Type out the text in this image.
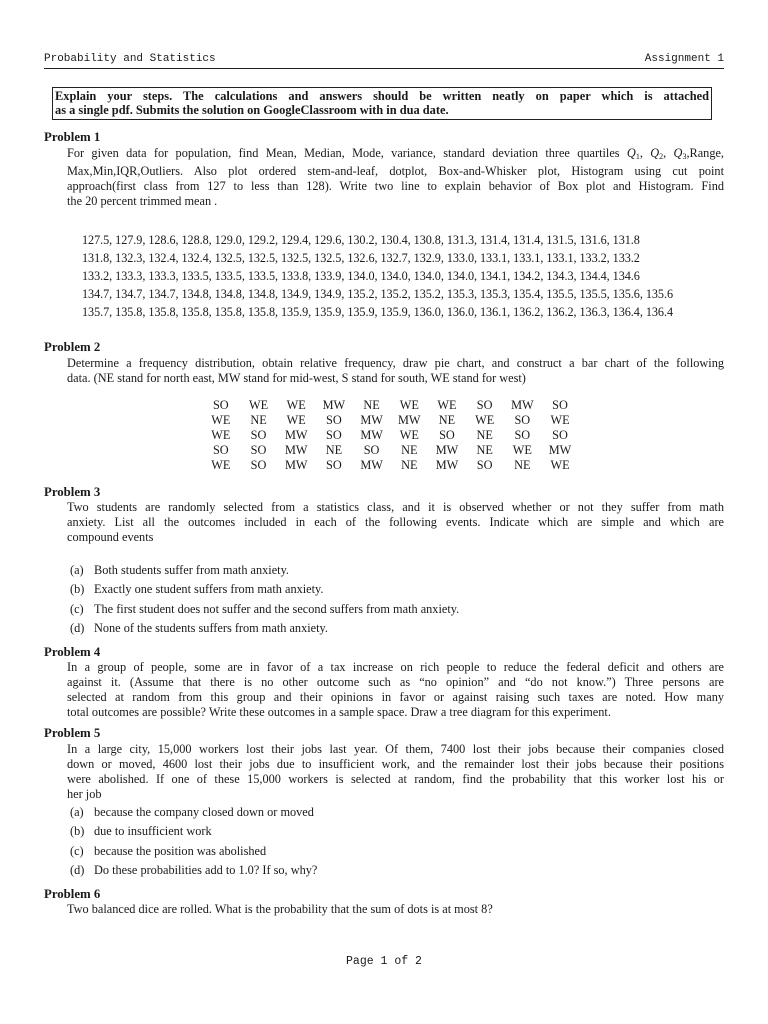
Probability and Statistics	Assignment 1
Explain your steps. The calculations and answers should be written neatly on paper which is attached
as a single pdf. Submits the solution on GoogleClassroom with in dua date.
Problem 1
For given data for population, find Mean, Median, Mode, variance, standard deviation three quartiles $Q_1$, $Q_2$, $Q_3,Range$,
Max,Min,IQR,Outliers. Also plot ordered stem-and-leaf, dotplot, Box-and-Whisker plot, Histogram using cut point
approach(first class from 127 to less than 128). Write two line to explain behavior of Box plot and Histogram. Find
the 20 percent trimmed mean .
127.5, 127.9, 128.6, 128.8, 129.0, 129.2, 129.4, 129.6, 130.2, 130.4, 130.8, 131.3, 131.4, 131.4, 131.5, 131.6, 131.8
131.8, 132.3, 132.4, 132.4, 132.5, 132.5, 132.5, 132.5, 132.6, 132.7, 132.9, 133.0, 133.1, 133.1, 133.1, 133.2, 133.2
133.2, 133.3, 133.3, 133.5, 133.5, 133.5, 133.8, 133.9, 134.0, 134.0, 134.0, 134.0, 134.1, 134.2, 134.3, 134.4, 134.6
134.7, 134.7, 134.7, 134.8, 134.8, 134.8, 134.9, 134.9, 135.2, 135.2, 135.2, 135.3, 135.3, 135.4, 135.5, 135.5, 135.6, 135.6
135.7, 135.8, 135.8, 135.8, 135.8, 135.8, 135.9, 135.9, 135.9, 135.9, 136.0, 136.0, 136.1, 136.2, 136.2, 136.3, 136.4, 136.4
Problem 2
Determine a frequency distribution, obtain relative frequency, draw pie chart, and construct a bar chart of the following
data. (NE stand for north east, MW stand for mid-west, S stand for south, WE stand for west)
SO	WE	WE	MW	NE	WE	WE	SO	MW	SO
WE	NE	WE	SO	MW	MW	NE	WE	SO	WE
WE	SO	MW	SO	MW	WE	SO	NE	SO	SO
SO	SO	MW	NE	SO	NE	MW	NE	WE	MW
WE	SO	MW	SO	MW	NE	MW	SO	NE	WE
Problem 3
Two students are randomly selected from a statistics class, and it is observed whether or not they suffer from math
anxiety. List all the outcomes included in each of the following events. Indicate which are simple and which are
compound events
(a) Both students suffer from math anxiety.
(b) Exactly one student suffers from math anxiety.
(c) The first student does not suffer and the second suffers from math anxiety.
(d) None of the students suffers from math anxiety.
Problem 4
In a group of people, some are in favor of a tax increase on rich people to reduce the federal deficit and others are
against it. (Assume that there is no other outcome such as “no opinion” and “do not know.”) Three persons are
selected at random from this group and their opinions in favor or against raising such taxes are noted. How many
total outcomes are possible? Write these outcomes in a sample space. Draw a tree diagram for this experiment.
Problem 5
In a large city, 15,000 workers lost their jobs last year. Of them, 7400 lost their jobs because their companies closed
down or moved, 4600 lost their jobs due to insufficient work, and the remainder lost their jobs because their positions
were abolished. If one of these 15,000 workers is selected at random, find the probability that this worker lost his or
her job
(a) because the company closed down or moved
(b) due to insufficient work
(c) because the position was abolished
(d) Do these probabilities add to 1.0? If so, why?
Problem 6
Two balanced dice are rolled. What is the probability that the sum of dots is at most 8?
Page 1 of 2
